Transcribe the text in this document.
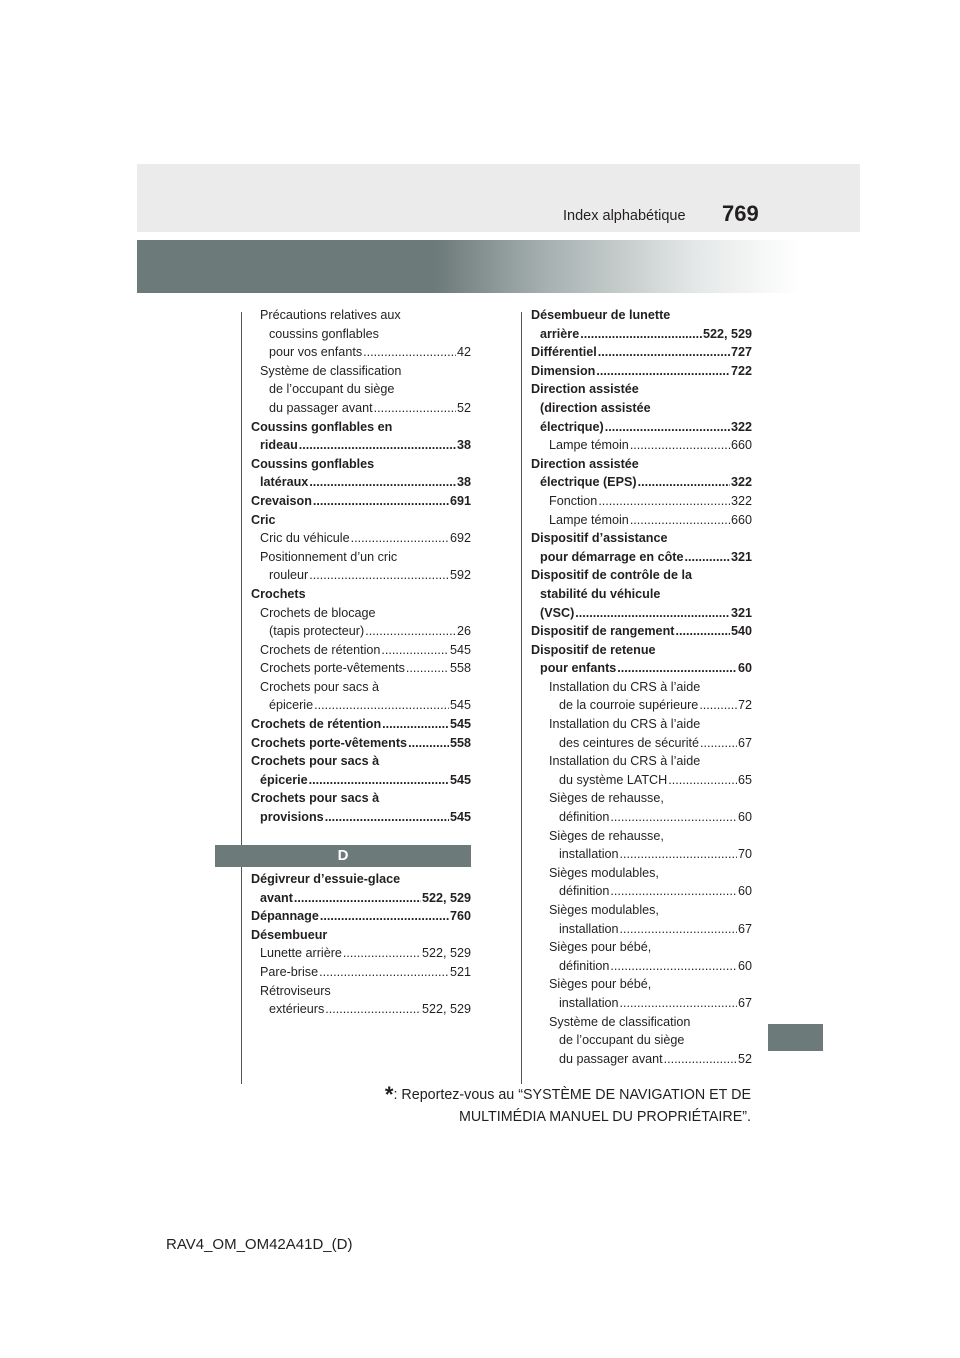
Index alphabétique 769
Précautions relatives aux
coussins gonflables
pour vos enfants .....	42
Système de classification
de l’occupant du siège
du passager avant .....	52
Coussins gonflables en
rideau .....	38
Coussins gonflables
latéraux .....	38
Crevaison .....	691
Cric
Cric du véhicule .....	692
Positionnement d’un cric
rouleur .....	592
Crochets
Crochets de blocage
(tapis protecteur) .....	26
Crochets de rétention .....	545
Crochets porte-vêtements .....	558
Crochets pour sacs à
épicerie .....	545
Crochets de rétention .....	545
Crochets porte-vêtements .....	558
Crochets pour sacs à
épicerie .....	545
Crochets pour sacs à
provisions .....	545
D
Dégivreur d’essuie-glace
avant .....	522, 529
Dépannage .....	760
Désembueur
Lunette arrière .....	522, 529
Pare-brise .....	521
Rétroviseurs
extérieurs .....	522, 529
Désembueur de lunette
arrière .....	522, 529
Différentiel .....	727
Dimension .....	722
Direction assistée
(direction assistée
électrique) .....	322
Lampe témoin .....	660
Direction assistée
électrique (EPS) .....	322
Fonction .....	322
Lampe témoin .....	660
Dispositif d’assistance
pour démarrage en côte .....	321
Dispositif de contrôle de la
stabilité du véhicule
(VSC) .....	321
Dispositif de rangement .....	540
Dispositif de retenue
pour enfants .....	60
Installation du CRS à l’aide
de la courroie supérieure .....	72
Installation du CRS à l’aide
des ceintures de sécurité .....	67
Installation du CRS à l’aide
du système LATCH .....	65
Sièges de rehausse,
définition .....	60
Sièges de rehausse,
installation .....	70
Sièges modulables,
définition .....	60
Sièges modulables,
installation .....	67
Sièges pour bébé,
définition .....	60
Sièges pour bébé,
installation .....	67
Système de classification
de l’occupant du siège
du passager avant .....	52
*: Reportez-vous au “SYSTÈME DE NAVIGATION ET DE
MULTIMÉDIA MANUEL DU PROPRIÉTAIRE”.
RAV4_OM_OM42A41D_(D)
